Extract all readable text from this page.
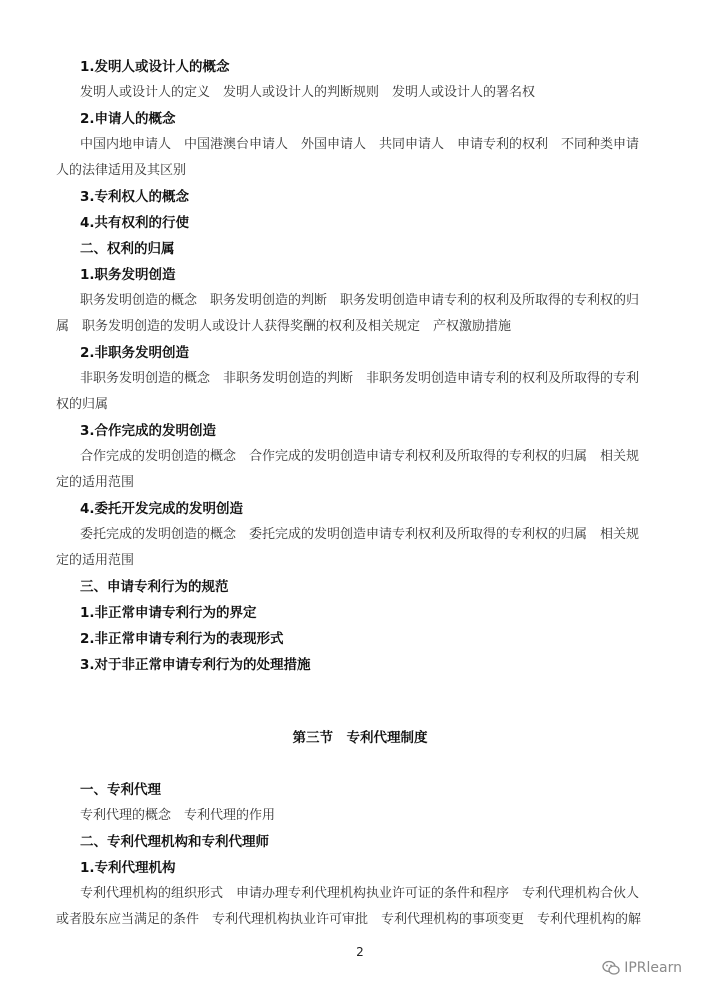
1.发明人或设计人的概念
发明人或设计人的定义　发明人或设计人的判断规则　发明人或设计人的署名权
2.申请人的概念
中国内地申请人　中国港澳台申请人　外国申请人　共同申请人　申请专利的权利　不同种类申请
人的法律适用及其区别
3.专利权人的概念
4.共有权利的行使
二、权利的归属
1.职务发明创造
职务发明创造的概念　职务发明创造的判断　职务发明创造申请专利的权利及所取得的专利权的归
属　职务发明创造的发明人或设计人获得奖酬的权利及相关规定　产权激励措施
2.非职务发明创造
非职务发明创造的概念　非职务发明创造的判断　非职务发明创造申请专利的权利及所取得的专利
权的归属
3.合作完成的发明创造
合作完成的发明创造的概念　合作完成的发明创造申请专利权利及所取得的专利权的归属　相关规
定的适用范围
4.委托开发完成的发明创造
委托完成的发明创造的概念　委托完成的发明创造申请专利权利及所取得的专利权的归属　相关规
定的适用范围
三、申请专利行为的规范
1.非正常申请专利行为的界定
2.非正常申请专利行为的表现形式
3.对于非正常申请专利行为的处理措施
第三节　专利代理制度
一、专利代理
专利代理的概念　专利代理的作用
二、专利代理机构和专利代理师
1.专利代理机构
专利代理机构的组织形式　申请办理专利代理机构执业许可证的条件和程序　专利代理机构合伙人
或者股东应当满足的条件　专利代理机构执业许可审批　专利代理机构的事项变更　专利代理机构的解
2
IPRlearn
